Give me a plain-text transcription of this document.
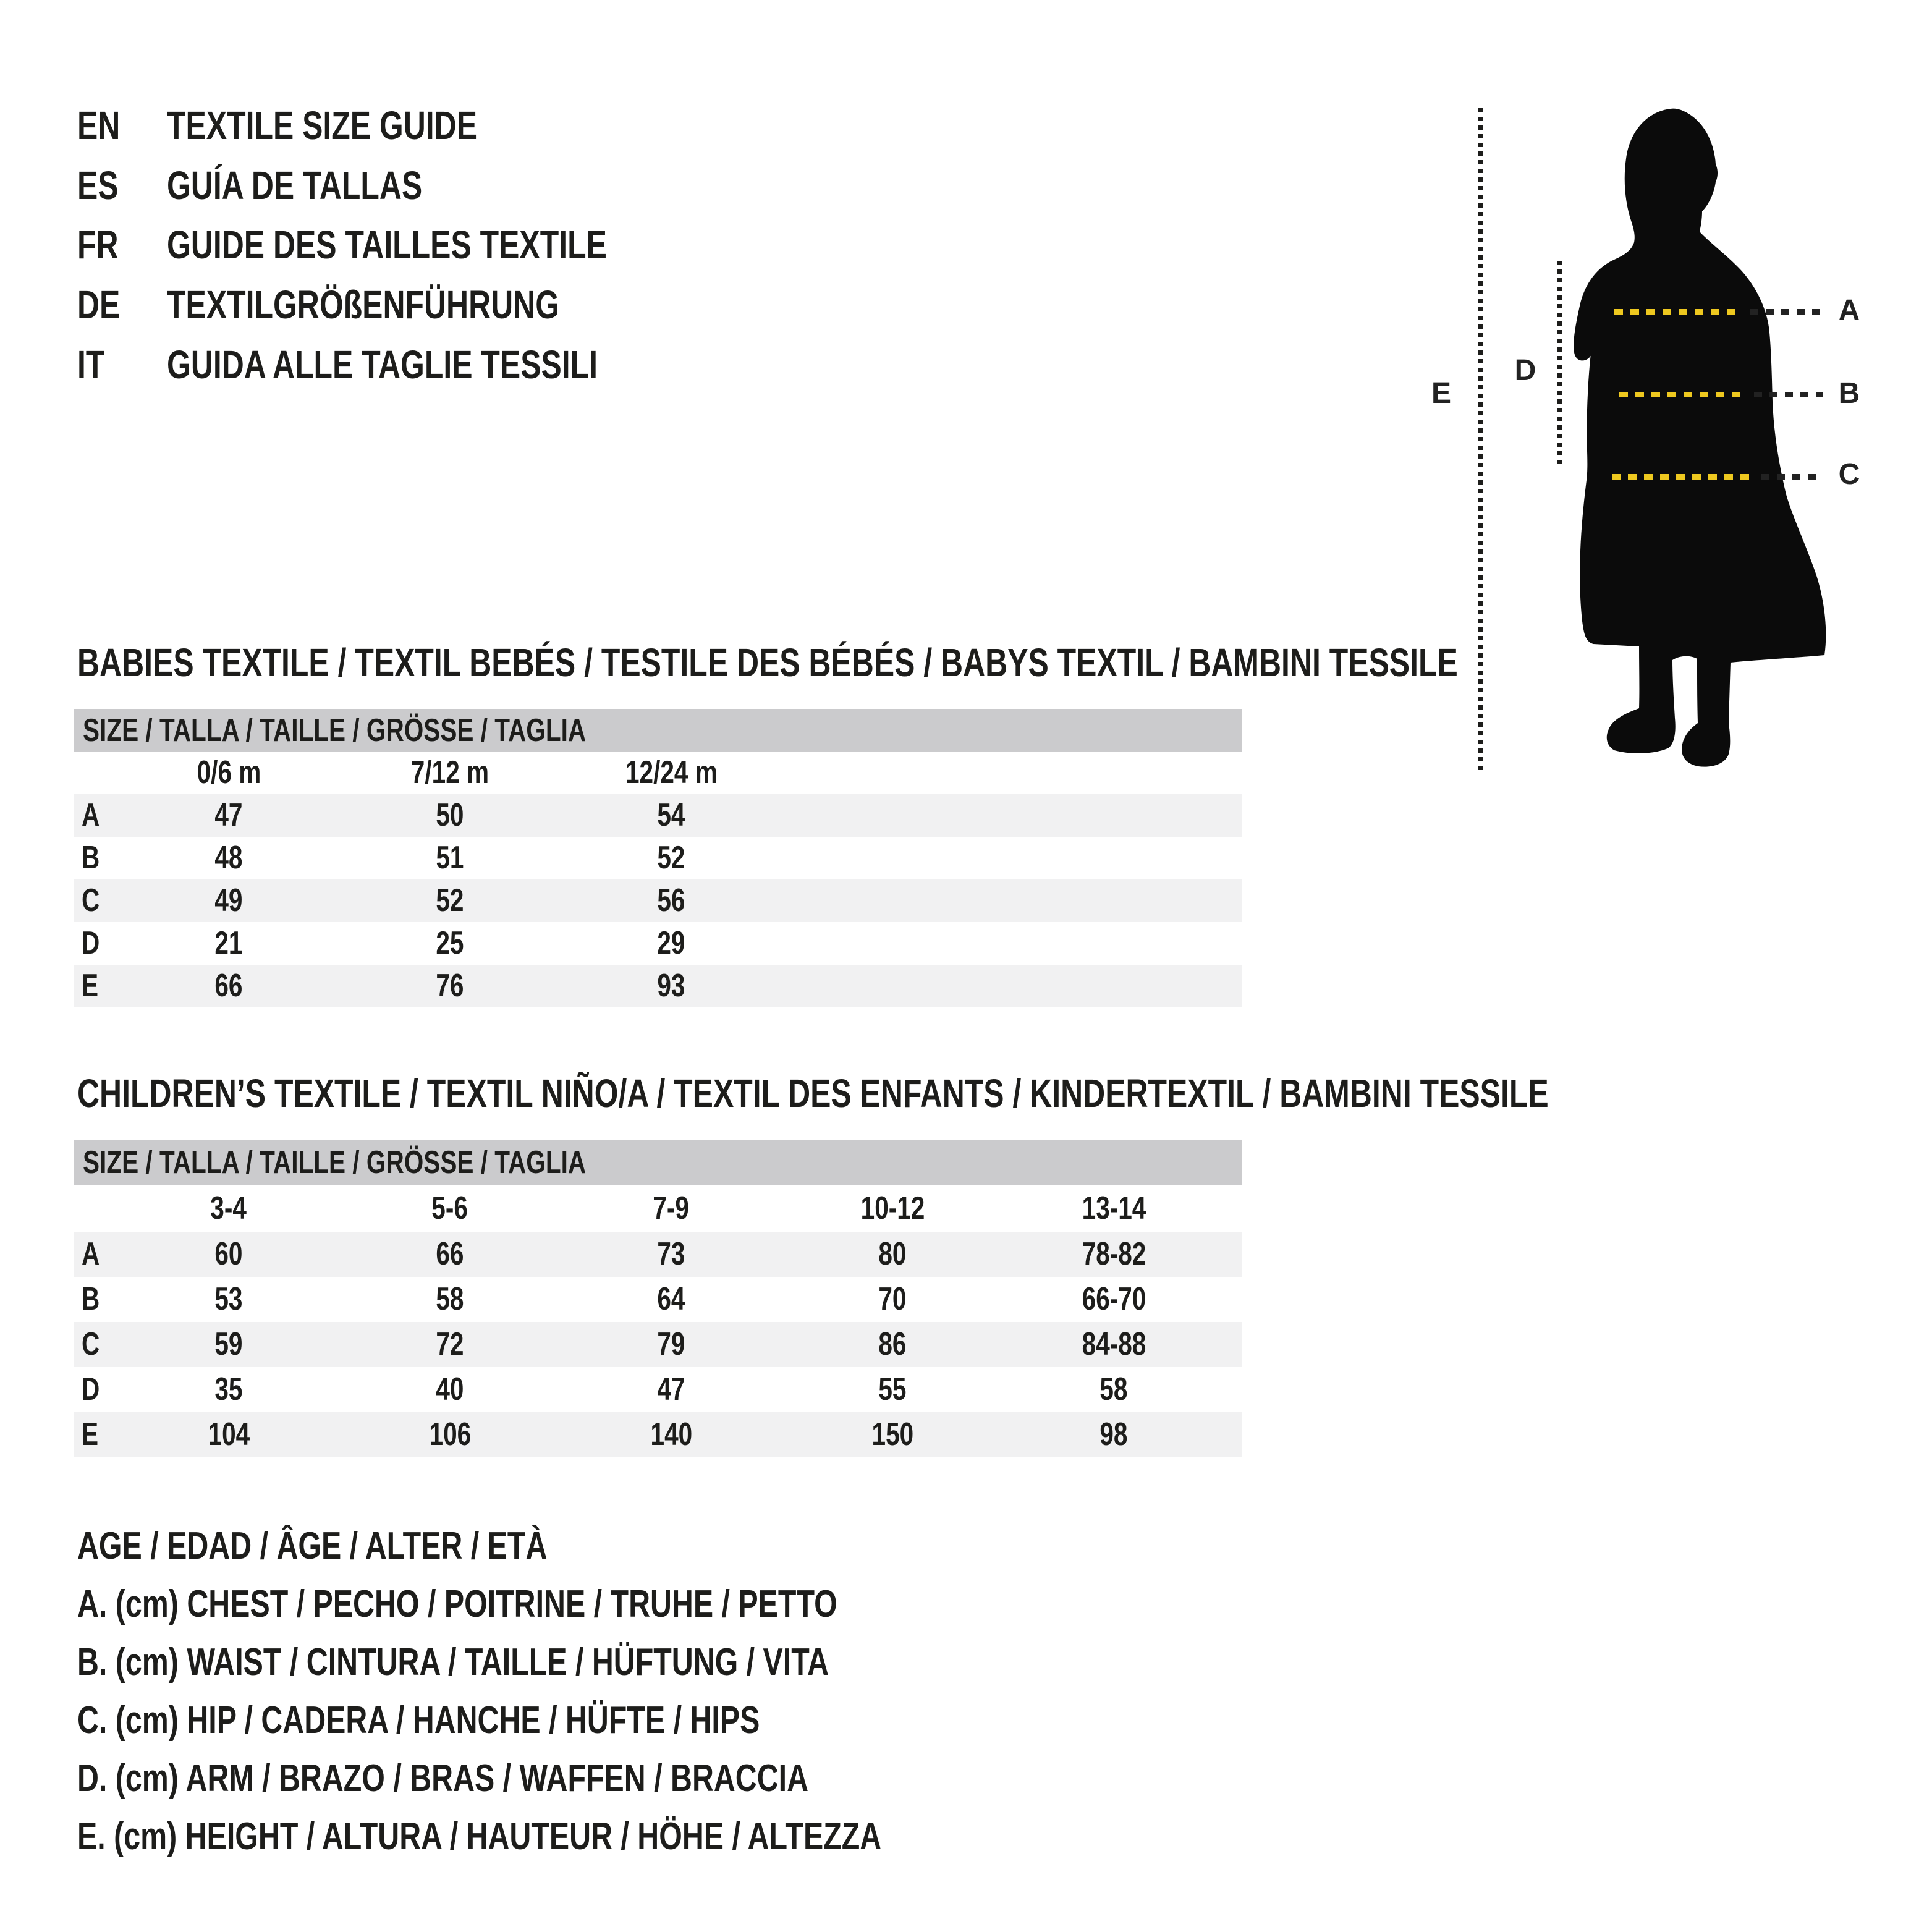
EN	TEXTILE SIZE GUIDE
ES GUÍA DE TALLAS
FR GUIDE DES TAILLES TEXTILE
DE	TEXTILGRÖßENFÜHRUNG
IT GUIDA ALLE TAGLIE TESSILI
E
D
A
B
C
BABIES TEXTILE / TEXTIL BEBÉS / TESTILE DES BÉBÉS / BABYS TEXTIL / BAMBINI TESSILE
SIZE / TALLA / TAILLE / GRÖSSE / TAGLIA
0/6 m	7/12 m	12/24 m
A	47	50	54
B	48	51	52
C	49	52	56
D	21	25	29
E	66	76	93
CHILDREN’S TEXTILE / TEXTIL NIÑO/A / TEXTIL DES ENFANTS / KINDERTEXTIL / BAMBINI TESSILE
SIZE / TALLA / TAILLE / GRÖSSE / TAGLIA
3-4	5-6	7-9	10-12	13-14
A	60	66	73	80	78-82
B	53	58	64	70	66-70
C	59	72	79	86	84-88
D	35	40	47	55	58
E	104	106	140	150	98
AGE / EDAD / ÂGE / ALTER / ETÀ
A. (cm) CHEST / PECHO / POITRINE / TRUHE / PETTO
B. (cm) WAIST / CINTURA / TAILLE / HÜFTUNG / VITA
C. (cm) HIP / CADERA / HANCHE / HÜFTE / HIPS
D. (cm) ARM / BRAZO / BRAS / WAFFEN / BRACCIA
E. (cm) HEIGHT / ALTURA / HAUTEUR / HÖHE / ALTEZZA
